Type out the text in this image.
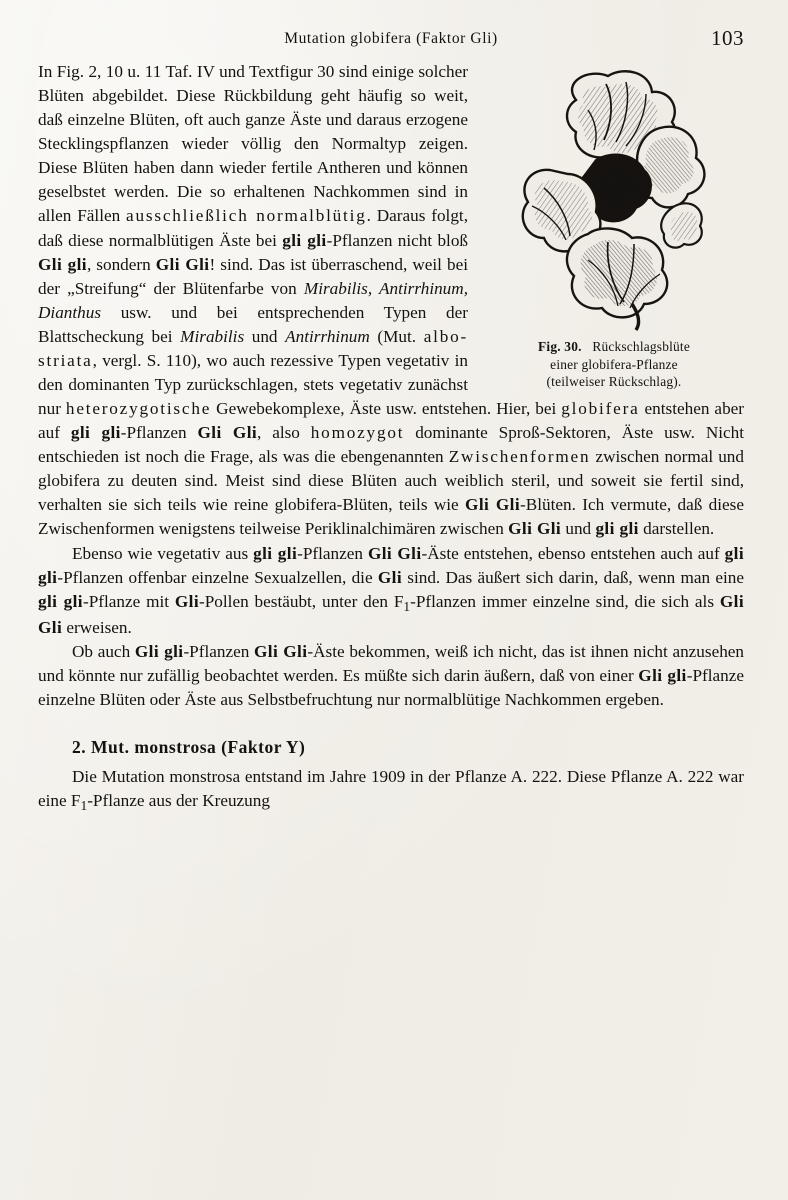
Mutation globifera (Faktor Gli)	103
Fig. 30. Rückschlagsblüte
einer globifera-Pflanze
(teilweiser Rückschlag).

In Fig. 2, 10 u. 11 Taf. IV und Textfigur 30 sind einige solcher Blüten abgebildet. Diese Rückbildung geht häufig so weit, daß einzelne Blüten, oft auch ganze Äste und daraus erzogene Stecklingspflanzen wieder völlig den Normaltyp zeigen. Diese Blüten haben dann wieder fertile Antheren und können geselbstet werden. Die so erhaltenen Nachkommen sind in allen Fällen ausschließlich normalblütig. Daraus folgt, daß diese normalblütigen Äste bei gli gli-Pflanzen nicht bloß Gli gli, sondern Gli Gli! sind. Das ist überraschend, weil bei der „Streifung“ der Blütenfarbe von Mirabilis, Antirrhinum, Dianthus usw. und bei entsprechenden Typen der Blattscheckung bei Mirabilis und Antirrhinum (Mut. albo-striata, vergl. S. 110), wo auch rezessive Typen vegetativ in den dominanten Typ zurückschlagen, stets vegetativ zunächst nur heterozygotische Gewebekomplexe, Äste usw. entstehen. Hier, bei globifera entstehen aber auf gli gli-Pflanzen Gli Gli, also homozygot dominante Sproß-Sektoren, Äste usw. Nicht entschieden ist noch die Frage, als was die ebengenannten Zwischenformen zwischen normal und globifera zu deuten sind. Meist sind diese Blüten auch weiblich steril, und soweit sie fertil sind, verhalten sie sich teils wie reine globifera-Blüten, teils wie Gli Gli-Blüten. Ich vermute, daß diese Zwischenformen wenigstens teilweise Periklinalchimären zwischen Gli Gli und gli gli darstellen.

Ebenso wie vegetativ aus gli gli-Pflanzen Gli Gli-Äste entstehen, ebenso entstehen auch auf gli gli-Pflanzen offenbar einzelne Sexualzellen, die Gli sind. Das äußert sich darin, daß, wenn man eine gli gli-Pflanze mit Gli-Pollen bestäubt, unter den $F_1$-Pflanzen immer einzelne sind, die sich als Gli Gli erweisen.

Ob auch Gli gli-Pflanzen Gli Gli-Äste bekommen, weiß ich nicht, das ist ihnen nicht anzusehen und könnte nur zufällig beobachtet werden. Es müßte sich darin äußern, daß von einer Gli gli-Pflanze einzelne Blüten oder Äste aus Selbstbefruchtung nur normalblütige Nachkommen ergeben.

2. Mut. monstrosa (Faktor Y)

Die Mutation monstrosa entstand im Jahre 1909 in der Pflanze A. 222. Diese Pflanze A. 222 war eine $F_1$-Pflanze aus der Kreuzung
